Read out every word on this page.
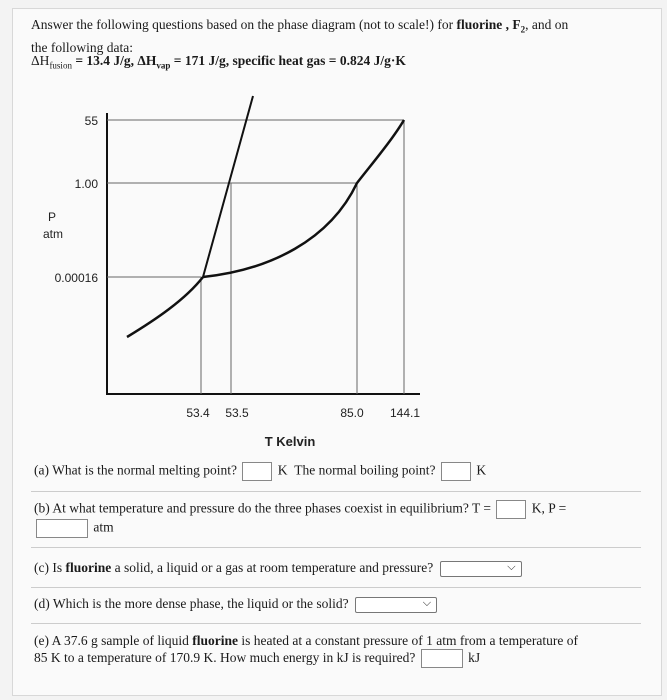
Answer the following questions based on the phase diagram (not to scale!) for fluorine , $F_2$, and on
the following data:
$\Delta H_{fusion} = 13.4$ J/g, $\Delta H_{vap} = 171$ J/g, specific heat gas = 0.824 J/g·K
55
1.00
0.00016
P
atm
53.4 53.5	85.0 144.1
T Kelvin
(a) What is the normal melting point?	K The normal boiling point?	K
(b) At what temperature and pressure do the three phases coexist in equilibrium? T =	K, P =
atm
(c) Is fluorine a solid, a liquid or a gas at room temperature and pressure?	⌵
(d) Which is the more dense phase, the liquid or the solid?	⌵
(e) A 37.6 g sample of liquid fluorine is heated at a constant pressure of 1 atm from a temperature of
85 K to a temperature of 170.9 K. How much energy in kJ is required?	kJ
